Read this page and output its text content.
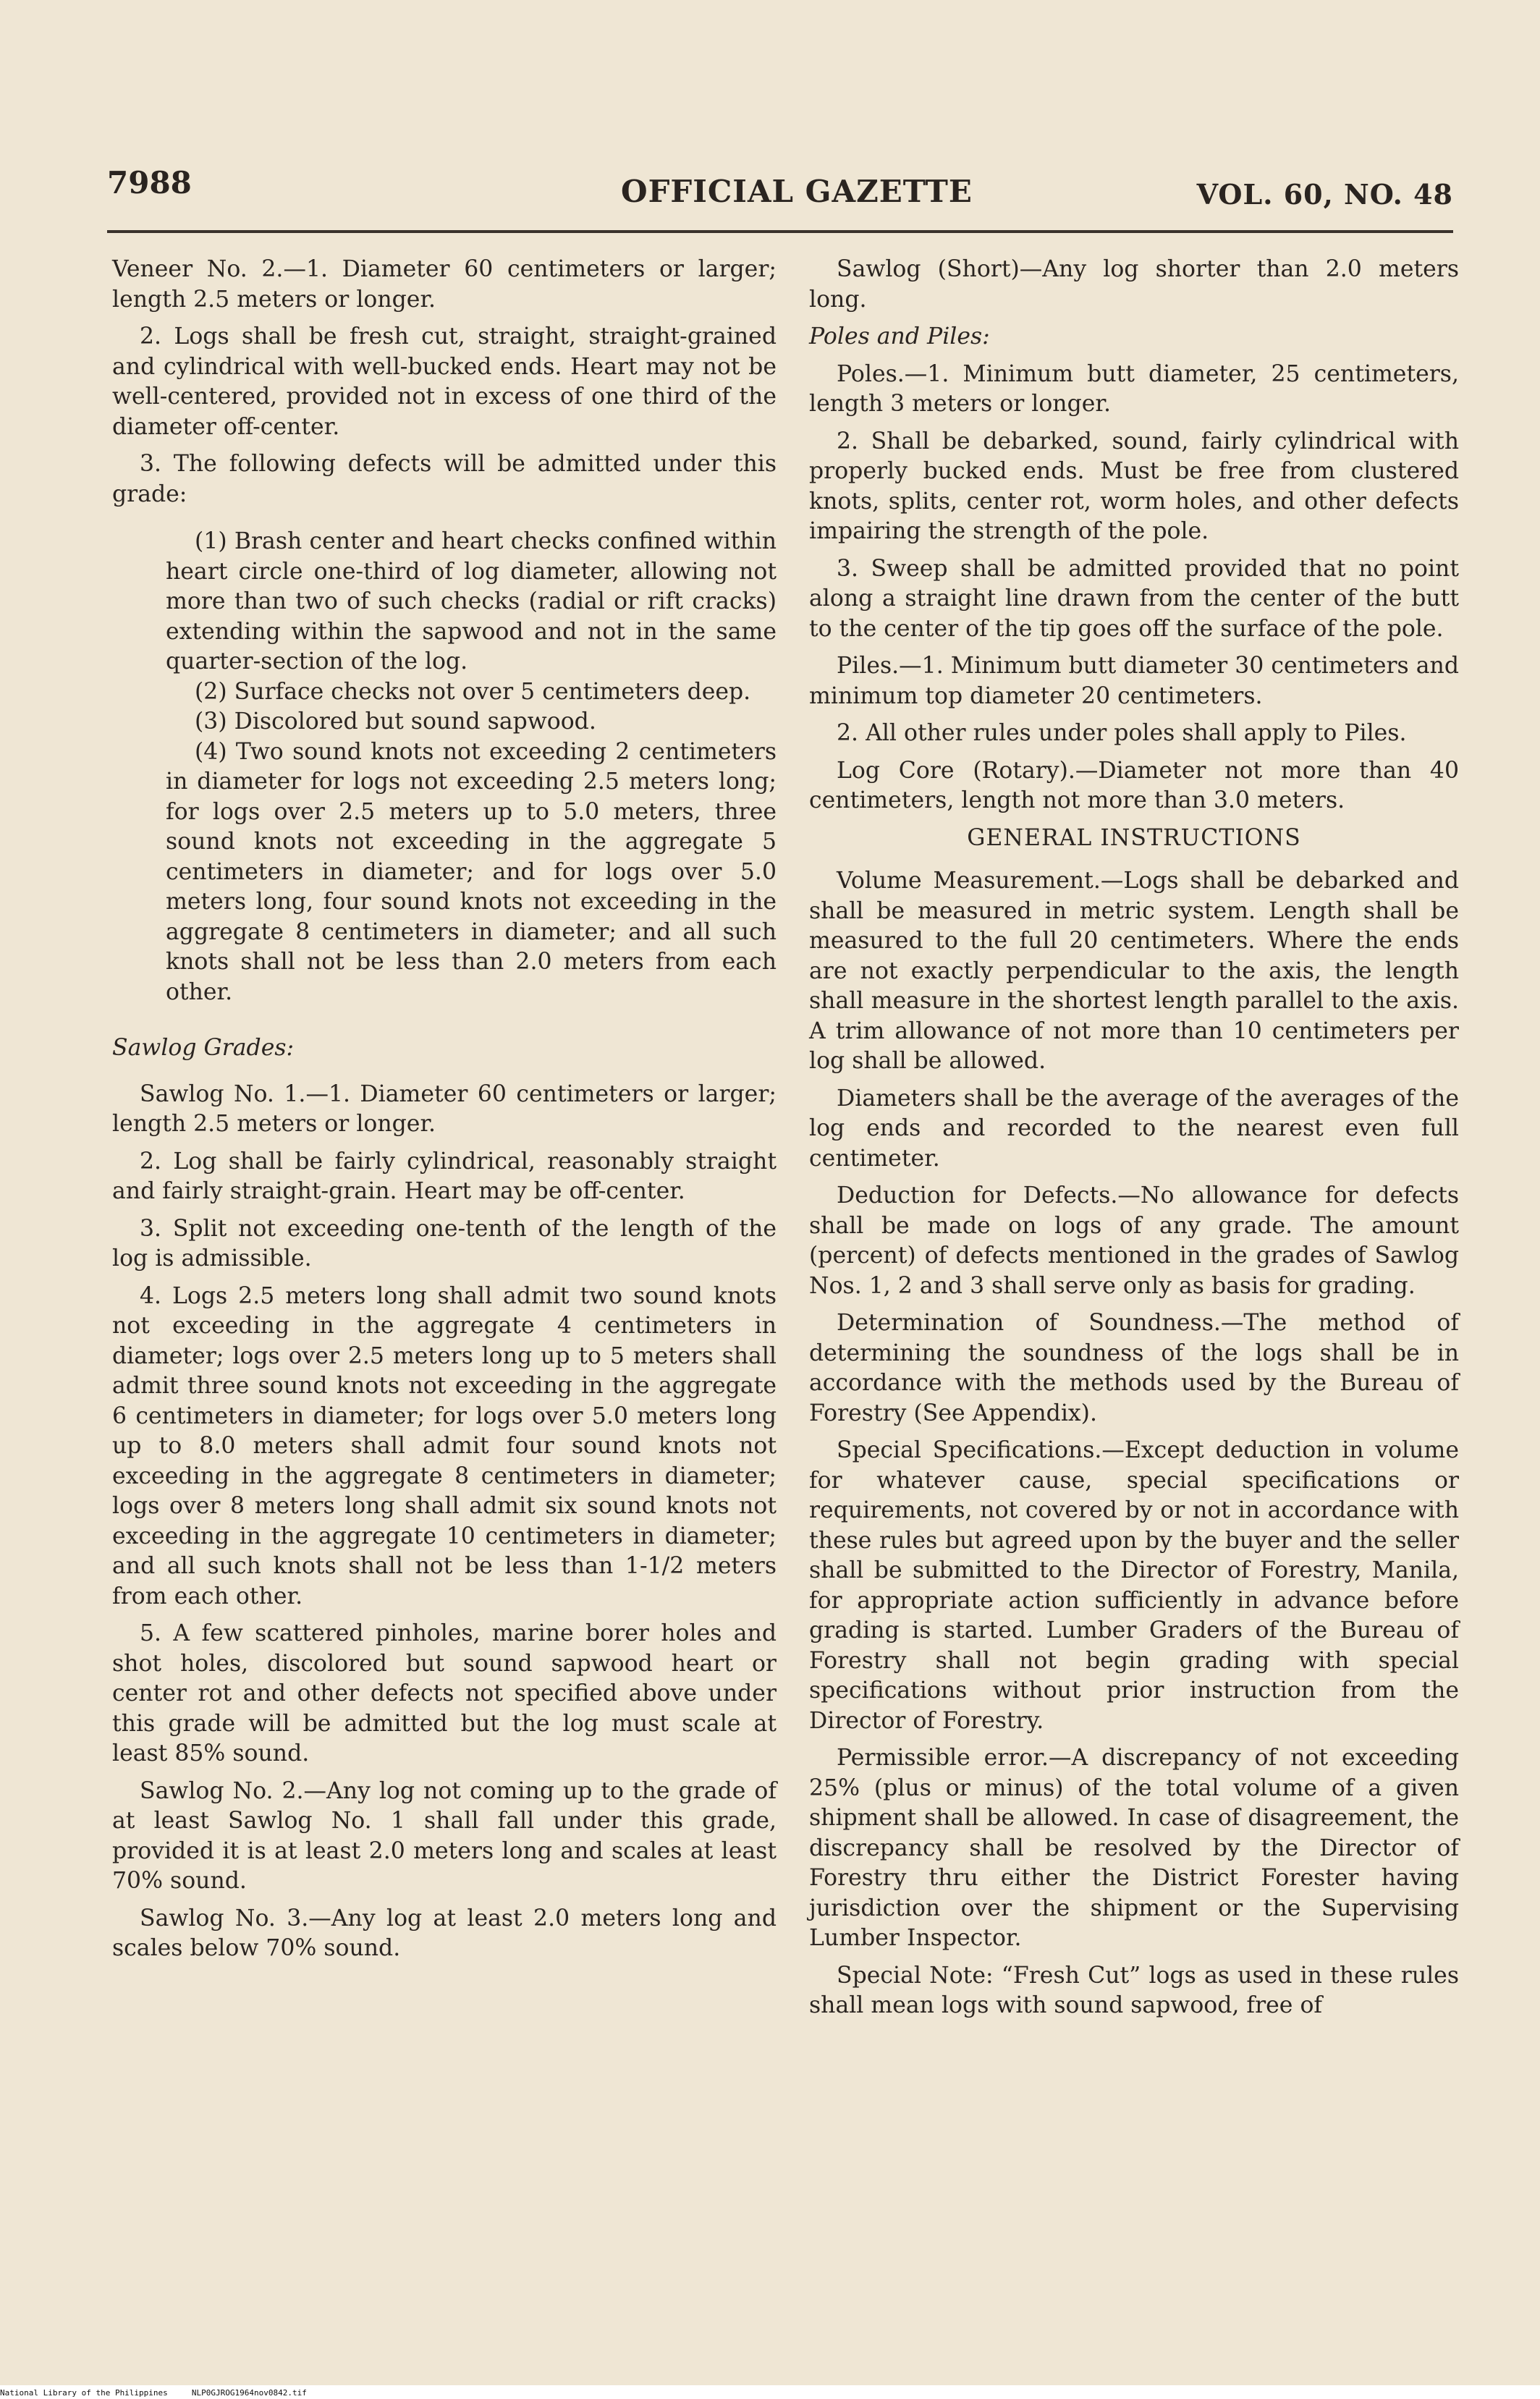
7988	OFFICIAL GAZETTE	VOL. 60, NO. 48

Veneer No. 2.—1. Diameter 60 centimeters or larger; length 2.5 meters or longer.

2. Logs shall be fresh cut, straight, straight-grained and cylindrical with well-bucked ends. Heart may not be well-centered, provided not in excess of one third of the diameter off-center.

3. The following defects will be admitted under this grade:

(1) Brash center and heart checks confined within heart circle one-third of log diameter, allowing not more than two of such checks (radial or rift cracks) extending within the sapwood and not in the same quarter-section of the log.

(2) Surface checks not over 5 centimeters deep.

(3) Discolored but sound sapwood.

(4) Two sound knots not exceeding 2 centimeters in diameter for logs not exceeding 2.5 meters long; for logs over 2.5 meters up to 5.0 meters, three sound knots not exceeding in the aggregate 5 centimeters in diameter; and for logs over 5.0 meters long, four sound knots not exceeding in the aggregate 8 centimeters in diameter; and all such knots shall not be less than 2.0 meters from each other.

Sawlog Grades:

Sawlog No. 1.—1. Diameter 60 centimeters or larger; length 2.5 meters or longer.

2. Log shall be fairly cylindrical, reasonably straight and fairly straight-grain. Heart may be off-center.

3. Split not exceeding one-tenth of the length of the log is admissible.

4. Logs 2.5 meters long shall admit two sound knots not exceeding in the aggregate 4 centimeters in diameter; logs over 2.5 meters long up to 5 meters shall admit three sound knots not exceeding in the aggregate 6 centimeters in diameter; for logs over 5.0 meters long up to 8.0 meters shall admit four sound knots not exceeding in the aggregate 8 centimeters in diameter; logs over 8 meters long shall admit six sound knots not exceeding in the aggregate 10 centimeters in diameter; and all such knots shall not be less than 1-1/2 meters from each other.

5. A few scattered pinholes, marine borer holes and shot holes, discolored but sound sapwood heart or center rot and other defects not specified above under this grade will be admitted but the log must scale at least 85% sound.

Sawlog No. 2.—Any log not coming up to the grade of at least Sawlog No. 1 shall fall under this grade, provided it is at least 2.0 meters long and scales at least 70% sound.

Sawlog No. 3.—Any log at least 2.0 meters long and scales below 70% sound.

Sawlog (Short)—Any log shorter than 2.0 meters long.

Poles and Piles:

Poles.—1. Minimum butt diameter, 25 centimeters, length 3 meters or longer.

2. Shall be debarked, sound, fairly cylindrical with properly bucked ends. Must be free from clustered knots, splits, center rot, worm holes, and other defects impairing the strength of the pole.

3. Sweep shall be admitted provided that no point along a straight line drawn from the center of the butt to the center of the tip goes off the surface of the pole.

Piles.—1. Minimum butt diameter 30 centimeters and minimum top diameter 20 centimeters.

2. All other rules under poles shall apply to Piles.

Log Core (Rotary).—Diameter not more than 40 centimeters, length not more than 3.0 meters.

GENERAL INSTRUCTIONS

Volume Measurement.—Logs shall be debarked and shall be measured in metric system. Length shall be measured to the full 20 centimeters. Where the ends are not exactly perpendicular to the axis, the length shall measure in the shortest length parallel to the axis. A trim allowance of not more than 10 centimeters per log shall be allowed.

Diameters shall be the average of the averages of the log ends and recorded to the nearest even full centimeter.

Deduction for Defects.—No allowance for defects shall be made on logs of any grade. The amount (percent) of defects mentioned in the grades of Sawlog Nos. 1, 2 and 3 shall serve only as basis for grading.

Determination of Soundness.—The method of determining the soundness of the logs shall be in accordance with the methods used by the Bureau of Forestry (See Appendix).

Special Specifications.—Except deduction in volume for whatever cause, special specifications or requirements, not covered by or not in accordance with these rules but agreed upon by the buyer and the seller shall be submitted to the Director of Forestry, Manila, for appropriate action sufficiently in advance before grading is started. Lumber Graders of the Bureau of Forestry shall not begin grading with special specifications without prior instruction from the Director of Forestry.

Permissible error.—A discrepancy of not exceeding 25% (plus or minus) of the total volume of a given shipment shall be allowed. In case of disagreement, the discrepancy shall be resolved by the Director of Forestry thru either the District Forester having jurisdiction over the shipment or the Supervising Lumber Inspector.

Special Note: “Fresh Cut” logs as used in these rules shall mean logs with sound sapwood, free of

National Library of the Philippines     NLP0GJROG1964nov0842.tif
